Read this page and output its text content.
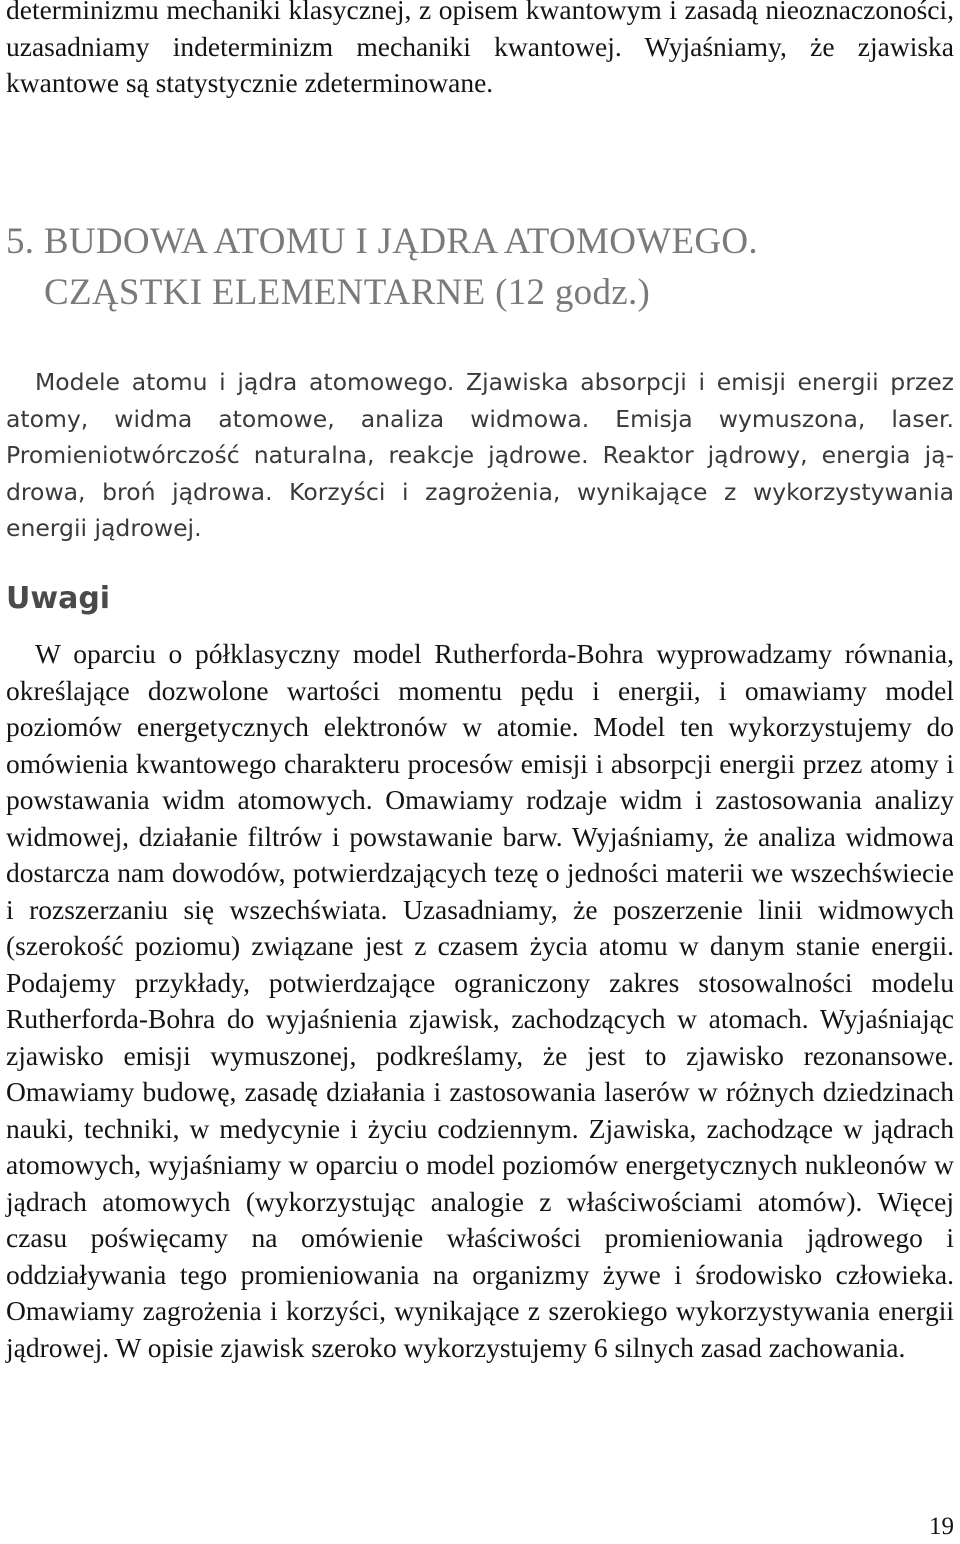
determinizmu mechaniki klasycznej, z opisem kwantowym i zasadą nieoznaczoności, uzasadniamy indeterminizm mechaniki kwantowej. Wyjaśniamy, że zjawiska kwantowe są statystycznie zdeterminowane.

5. BUDOWA ATOMU I JĄDRA ATOMOWEGO.
CZĄSTKI ELEMENTARNE (12 godz.)

Modele atomu i jądra atomowego. Zjawiska absorpcji i emisji energii przez atomy, widma atomowe, analiza widmowa. Emisja wymuszona, laser. Promieniotwórczość naturalna, reakcje jądrowe. Reaktor jądrowy, energia jądrowa, broń jądrowa. Korzyści i zagrożenia, wynikające z wykorzystywania energii jądrowej.

Uwagi

W oparciu o półklasyczny model Rutherforda-Bohra wyprowadzamy równania, określające dozwolone wartości momentu pędu i energii, i omawiamy model poziomów energetycznych elektronów w atomie. Model ten wykorzystujemy do omówienia kwantowego charakteru procesów emisji i absorpcji energii przez atomy i powstawania widm atomowych. Omawiamy rodzaje widm i zastosowania analizy widmowej, działanie filtrów i powstawanie barw. Wyjaśniamy, że analiza widmowa dostarcza nam dowodów, potwierdzających tezę o jedności materii we wszechświecie i rozszerzaniu się wszechświata. Uzasadniamy, że poszerzenie linii widmowych (szerokość poziomu) związane jest z czasem życia atomu w danym stanie energii. Podajemy przykłady, potwierdzające ograniczony zakres stosowalności modelu Rutherforda-Bohra do wyjaśnienia zjawisk, zachodzących w atomach. Wyjaśniając zjawisko emisji wymuszonej, podkreślamy, że jest to zjawisko rezonansowe. Omawiamy budowę, zasadę działania i zastosowania laserów w różnych dziedzinach nauki, techniki, w medycynie i życiu codziennym. Zjawiska, zachodzące w jądrach atomowych, wyjaśniamy w oparciu o model poziomów energetycznych nukleonów w jądrach atomowych (wykorzystując analogie z właściwościami atomów). Więcej czasu poświęcamy na omówienie właściwości promieniowania jądrowego i oddziaływania tego promieniowania na organizmy żywe i środowisko człowieka. Omawiamy zagrożenia i korzyści, wynikające z szerokiego wykorzystywania energii jądrowej. W opisie zjawisk szeroko wykorzystujemy 6 silnych zasad zachowania.

19
